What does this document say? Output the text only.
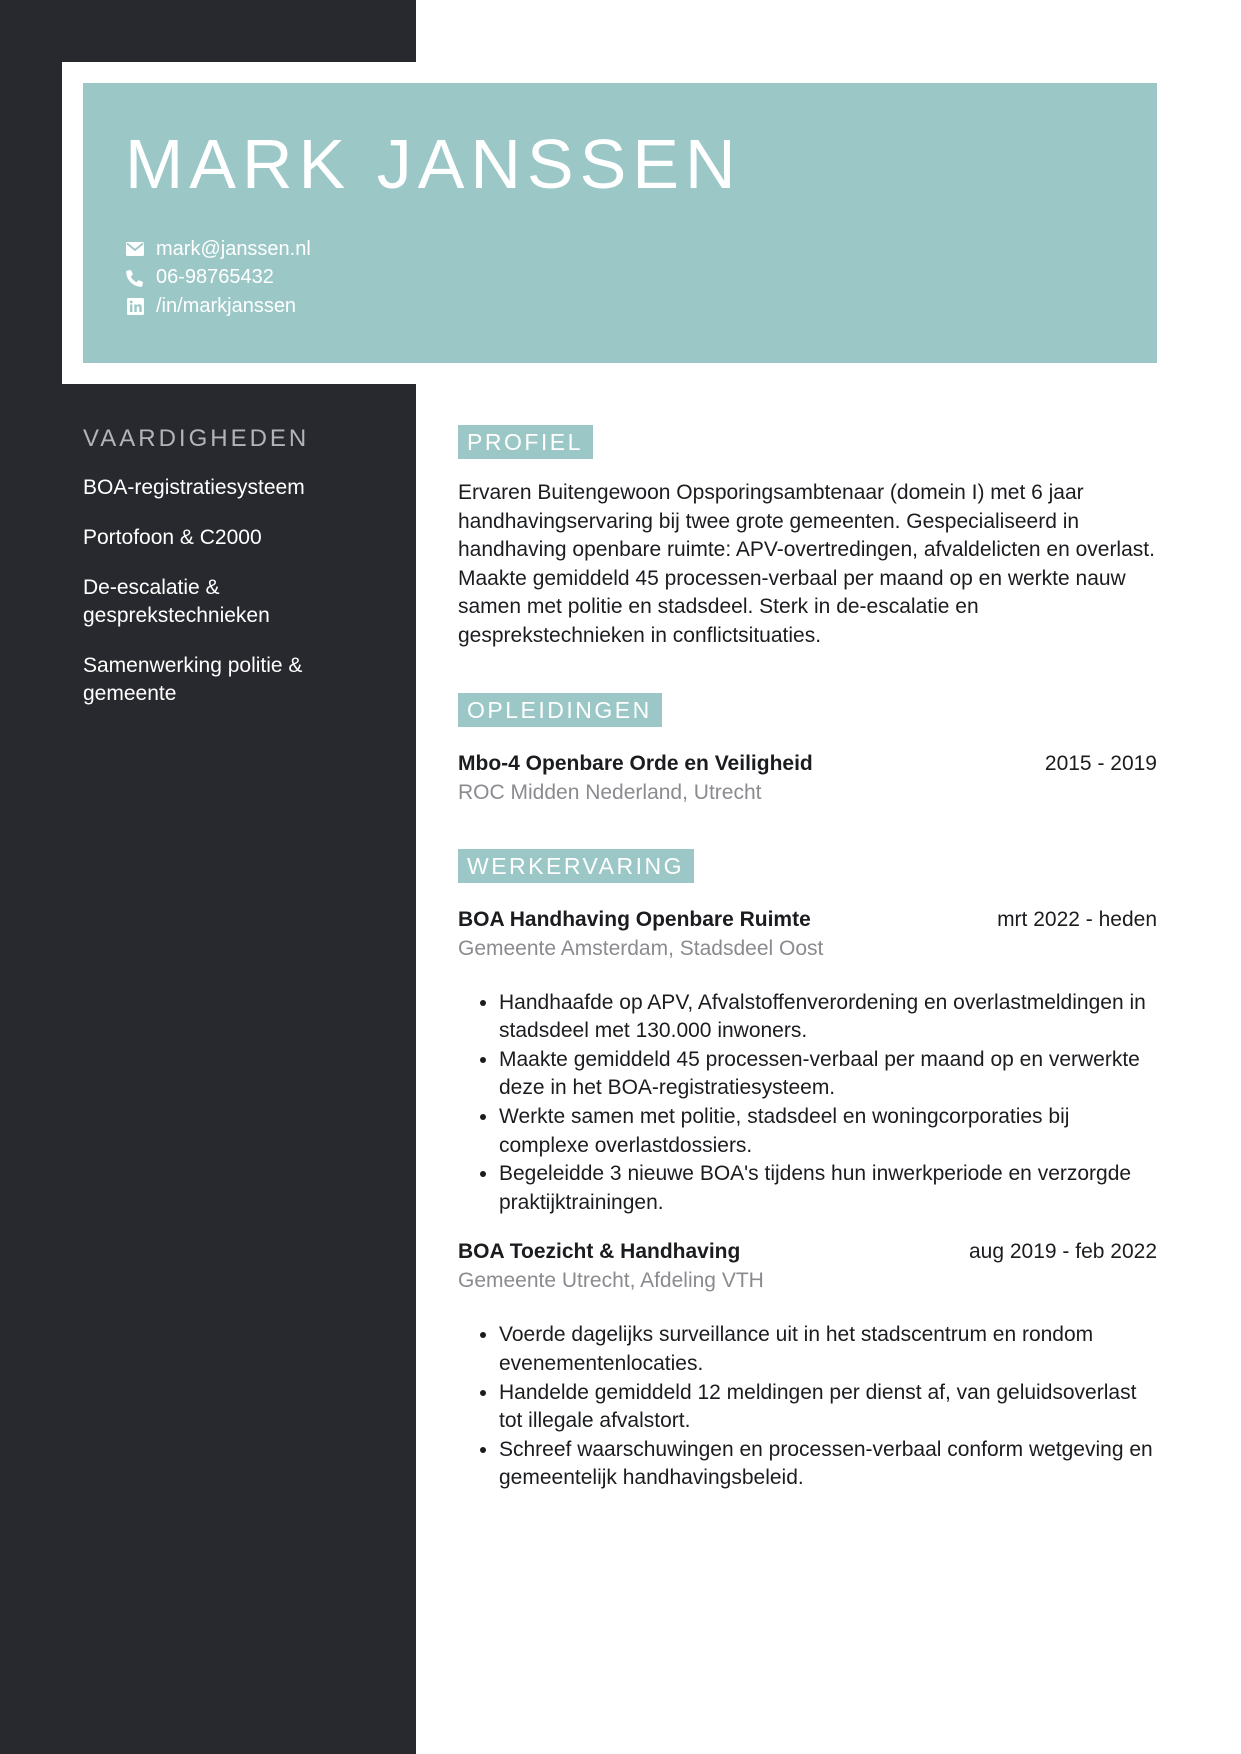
MARK JANSSEN
mark@janssen.nl
06-98765432
/in/markjanssen
VAARDIGHEDEN
BOA-registratiesysteem
Portofoon & C2000
De-escalatie & gesprekstechnieken
Samenwerking politie & gemeente
PROFIEL

Ervaren Buitengewoon Opsporingsambtenaar (domein I) met 6 jaar handhavingservaring bij twee grote gemeenten. Gespecialiseerd in handhaving openbare ruimte: APV-overtredingen, afvaldelicten en overlast. Maakte gemiddeld 45 processen-verbaal per maand op en werkte nauw samen met politie en stadsdeel. Sterk in de-escalatie en gesprekstechnieken in conflictsituaties.

OPLEIDINGEN
Mbo-4 Openbare Orde en Veiligheid	2015 - 2019
ROC Midden Nederland, Utrecht
WERKERVARING
BOA Handhaving Openbare Ruimte	mrt 2022 - heden
Gemeente Amsterdam, Stadsdeel Oost
• Handhaafde op APV, Afvalstoffenverordening en overlastmeldingen in stadsdeel met 130.000 inwoners.
• Maakte gemiddeld 45 processen-verbaal per maand op en verwerkte deze in het BOA-registratiesysteem.
• Werkte samen met politie, stadsdeel en woningcorporaties bij complexe overlastdossiers.
• Begeleidde 3 nieuwe BOA's tijdens hun inwerkperiode en verzorgde praktijktrainingen.
BOA Toezicht & Handhaving	aug 2019 - feb 2022
Gemeente Utrecht, Afdeling VTH
• Voerde dagelijks surveillance uit in het stadscentrum en rondom evenementenlocaties.
• Handelde gemiddeld 12 meldingen per dienst af, van geluidsoverlast tot illegale afvalstort.
• Schreef waarschuwingen en processen-verbaal conform wetgeving en gemeentelijk handhavingsbeleid.
